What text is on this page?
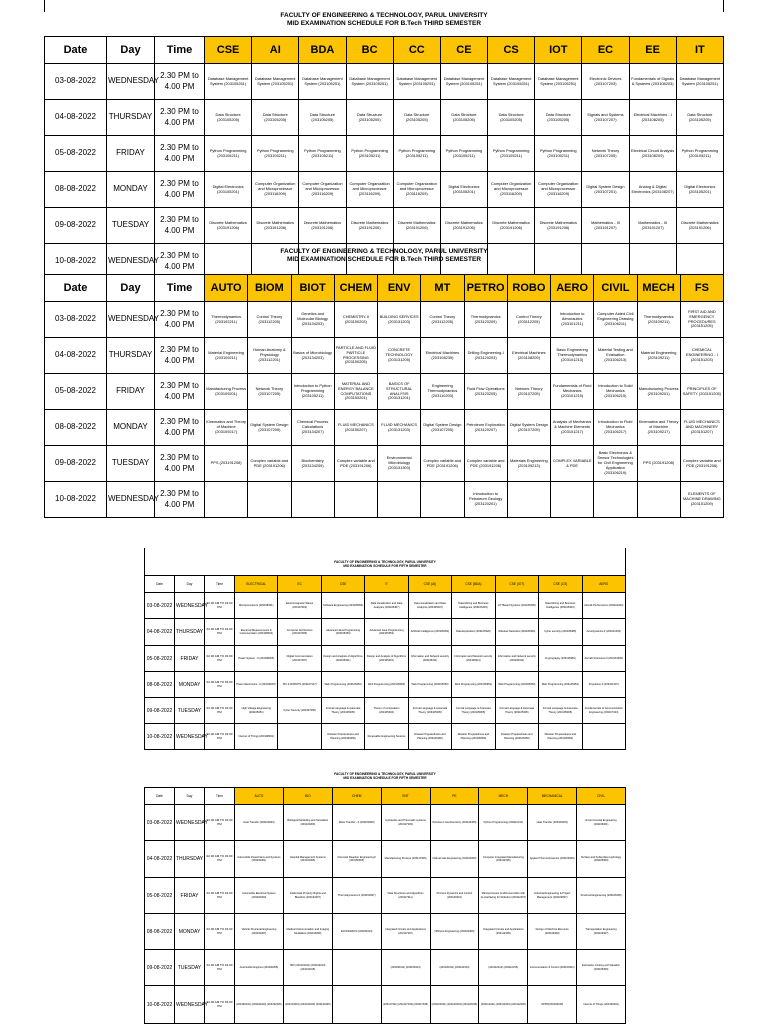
FACULTY OF ENGINEERING & TECHNOLOGY, PARUL UNIVERSITY
MID EXAMINATION SCHEDULE FOR B.Tech THIRD SEMESTER
Date	Day	Time	CSE	AI	BDA	BC	CC	CE	CS	IOT	EC	EE	IT
03-08-2022	WEDNESDAY	2.30 PM to 4.00 PM	Database Management System (203105251)	Database Management System (203105251)	Database Management System (203105251)	Database Management System (203105251)	Database Management System (203105251)	Database Management System (203105251)	Database Management System (203105251)	Database Management System (203105251)	Electronic Devices (203107203)	Fundamentals of Signals & Systems (203108203)	Database Management System (203105251)
04-08-2022	THURSDAY	2.30 PM to 4.00 PM	Data Structure (203105205)	Data Structure (203105205)	Data Structure (203105205)	Data Structure (203105205)	Data Structure (203105205)	Data Structure (203105205)	Data Structure (203105205)	Data Structure (203105205)	Signals and Systems (203107207)	Electrical Machines - I (203108205)	Data Structure (203105205)
05-08-2022	FRIDAY	2.30 PM to 4.00 PM	Python Programming (203105211)	Python Programming (203105211)	Python Programming (203105211)	Python Programming (203105211)	Python Programming (203105211)	Python Programming (203105211)	Python Programming (203105211)	Python Programming (203105211)	Network Theory (203107205)	Electrical Circuit Analysis (203108209)	Python Programming (203105211)
08-08-2022	MONDAY	2.30 PM to 4.00 PM	Digital Electronics (203105201)	Computer Organization and Microprocessor (203116209)	Computer Organization and Microprocessor (203116209)	Computer Organization and Microprocessor (203116209)	Computer Organization and Microprocessor (203116209)	Digital Electronics (203105201)	Computer Organization and Microprocessor (203116209)	Computer Organization and Microprocessor (203116209)	Digital System Design (203107201)	Analog & Digital Electronics (203108207)	Digital Electronics (203105201)
09-08-2022	TUESDAY	2.30 PM to 4.00 PM	Discrete Mathematics (203191206)	Discrete Mathematics (203191206)	Discrete Mathematics (203191206)	Discrete Mathematics (203191206)	Discrete Mathematics (203191206)	Discrete Mathematics (203191206)	Discrete Mathematics (203191206)	Discrete Mathematics (203191206)	Mathematics - III (203191207)	Mathematics - III (203191207)	Discrete Mathematics (203191206)
10-08-2022	WEDNESDAY	2.30 PM to 4.00 PM											
FACULTY OF ENGINEERING & TECHNOLOGY, PARUL UNIVERSITY
MID EXAMINATION SCHEDULE FOR B.Tech THIRD SEMESTER
Date	Day	Time	AUTO	BIOM	BIOT	CHEM	ENV	MT	PETRO	ROBO	AERO	CIVIL	MECH	FS
03-08-2022	WEDNESDAY	2.30 PM to 4.00 PM	Thermodynamics (203192211)	Control Theory (203112205)	Genetics and Molecular Biology (203134203)	CHEMISTRY-II (203150203)	BUILDING SERVICES (203131203)	Control Theory (203112205)	Thermodynamics (203120209)	Control Theory (203112205)	Introduction to Aeronautics (203101211)	Computer Aided Civil Engineering Drawing (203106211)	Thermodynamics (203109211)	FIRST AID AND EMERGENCY PROCEDURES (203151205)
04-08-2022	THURSDAY	2.30 PM to 4.00 PM	Material Engineering (203109211)	Human Anatomy & Physiology (203112201)	Basics of Microbiology (203134203)	PARTICLE AND FLUID PARTICLE PROCESSING (203150205)	CONCRETE TECHNOLOGY (203131205)	Electrical Machines (203108239)	Drilling Engineering-I (203120203)	Electrical Machines (203108209)	Basic Engineering Thermodynamics (203101213)	Material Testing and Evaluation (203106213)	Material Engineering (203109211)	CHEMICAL ENGINEERING - I (203151203)
05-08-2022	FRIDAY	2.30 PM to 4.00 PM	Manufacturing Process (203109201)	Network Theory (203107205)	Introduction to Python Programming (203105211)	MATERIAL AND ENERGY BALANCE COMPUTATIONS (203150201)	BASICS OF STRUCTURAL ANALYSIS (203131201)	Engineering Thermodynamics (203110203)	Fluid Flow Operations (203120205)	Network Theory (203107205)	Fundamentals of Fluid Mechanics (203101215)	Introduction to Solid Mechanics (203106215)	Manufacturing Process (203109201)	PRINCIPLES OF SAFETY (203151205)
08-08-2022	MONDAY	2.30 PM to 4.00 PM	Kinematics and Theory of Machine (203109217)	Digital System Design (203107205)	Chemical Process Calculations (203134207)	FLUID MECHANICS (203150207)	FLUID MECHANICS (203131203)	Digital System Design (203107205)	Petroleum Exploration (203120207)	Digital System Design (203107205)	Analysis of Mechanics & Machine Elements (203101217)	Introduction to Fluid Mechanics (203106217)	Kinematics and Theory of Machine (203109217)	FLUID MECHANICS AND MACHINERY (203151207)
09-08-2022	TUESDAY	2.30 PM to 4.00 PM	PPS (203191208)	Complex variable and PDE (203191206)	Biochemistry (203134209)	Complex variable and PDE (203191206)	Environmental Microbiology (203131303)	Complex variable and PDE (203191206)	Complex variable and PDE (203191206)	Materials Engineering (203109213)	COMPLEX VARIABLE & PDE	Basic Electronics & Sensor Technologies for Civil Engineering Application (203106219)	PPS (203191208)	Complex variable and PDE (203191206)
10-08-2022	WEDNESDAY	2.30 PM to 4.00 PM							Introduction to Petroleum Geology (203120201)					ELEMENTS OF MACHINE DRAWING (203151209)
FACULTY OF ENGINEERING & TECHNOLOGY, PARUL UNIVERSITY
MID EXAMINATION SCHEDULE FOR FIFTH SEMESTER
Date	Day	Time	ELECTRICAL	EC	CSE	IT	CSE (AI)	CSE (BDA)	CSE (IOT)	CSE (CS)	AERO
03-08-2022	WEDNESDAY	02.30 AM TO 03.00 PM	Microprocessors (203108301)	Electromagnetic Waves (203107301)	Software Engineering (203105304)	Data visualization and Data Analytics (203105407)	Data visualization and Data Analytics (203105407)	Data Mining and Business Intelligence (203105403)	IoT Based Systems (203105406)	Data Mining and Business Intelligence (203105403)	Aircraft Performance (203101304)
04-08-2022	THURSDAY	02.30 AM TO 03.00 PM	Electrical Measurements & Instrumentation (203108303)	Computer Architecture (203107305)	Advanced Java Programming (203105353)	Advanced Java Programming (203105353)	Artificial Intelligence (203105302)	Data Exploration (203105320)	Wireless Networks (203105384)	Cyber security (203105385)	Aerodynamics-II (203101303)
05-08-2022	FRIDAY	02.30 AM TO 03.00 PM	Power System - II (203108305)	Digital Communication (203107307)	Design and Analysis of Algorithms (203105301)	Design and Analysis of Algorithms (203105301)	Information and Network security (203105311)	Information and Network security (203105311)	Information and Network security (203105311)	Cryptography (203105381)	Aircraft Structures-II (203101305)
08-08-2022	MONDAY	02.30 AM TO 03.00 PM	Power Electronics - II (203108307)	PIC & ROBOTS (203107317)	Web Programming (203105353)	Web Programming (203105353)	Web Programming (203105353)	Web Programming (203105353)	Web Programming (203105353)	Web Programming (203105353)	Propulsion-II (203101307)
09-08-2022	TUESDAY	02.30 AM TO 03.00 PM	High Voltage Engineering (203108351)	Cyber Security (203107356)	Formal Language & Automata Theory (203105305)	Theory of computation (203105302)	Formal Language & Automata Theory (203105305)	Formal Language & Automata Theory (203105305)	Formal Language & Automata Theory (203105305)	Formal Language & Automata Theory (203105305)	Fundamentals of Communication Engineering (203107344)
10-08-2022	WEDNESDAY	02.30 AM TO 03.00 PM	Internet of Things (203108391)		Disaster Preparedness and Planning (203106360)	Renewable Engineering Sources	Disaster Preparedness and Planning (203106360)	Disaster Preparedness and Planning (203106360)	Disaster Preparedness and Planning (203106360)	Disaster Preparedness and Planning (203106360)	
FACULTY OF ENGINEERING & TECHNOLOGY, PARUL UNIVERSITY
MID EXAMINATION SCHEDULE FOR FIFTH SEMESTER
Date	Day	Time	AUTO	BIO	CHEM	ENT	PE	MECH	MECHANICAL	CIVIL
03-08-2022	WEDNESDAY	02.30 AM TO 03.00 PM	Heat Transfer (203109303)	Biological Modelling and Simulation (203134303)	Mass Transfer - II (203150303)	Hydraulics and Pneumatic systems (203117303)	Petroleum Geochemistry (203120305)	Python Programming (203112311)	Heat Transfer (203109303)	Environmental Engineering (203106301)
04-08-2022	THURSDAY	02.30 AM TO 03.00 PM	Automobile Powertrains and Systems (203192301)	Hospital Management Systems (203134305)	Chemical Reaction Engineering-II (203150305)	Manufacturing Process (203117305)	Natural Gas Engineering (203120303)	Computer Integrated Manufacturing (203112305)	Applied Thermodynamics (203109305)	Surface and Subsurface Hydrology (203106303)
05-08-2022	FRIDAY	02.30 AM TO 03.00 PM	Automobile Electrical System (203192303)	Intellectual Property Rights and Bioethics (203134307)	Thermodynamics-II (203150307)	Data Structures and Algorithms (203117311)	Process Dynamics and Control (203120301)	Microprocessor & Microcontroller with its Interfacing for Robotics (203112307)	Industrial Engineering & Project Management (203109307)	Structural Engineering (203106305)
08-08-2022	MONDAY	02.30 AM TO 03.00 PM	Vehicle Structural Engineering (203192307)	Medical Instrumentation and Imaging Modalities (203134309)	ECONOMICS (203150313)	Integrated Circuits and Applications (203117307)	Offshore Engineering (203120309)	Integrated Circuits and Applications (203112309)	Design of Machine Elements (203109309)	Transportation Engineering (203106307)
09-08-2022	TUESDAY	02.30 AM TO 03.00 PM	Automobile Engines (203192305)	BIO (203134311) (203134313) (203134315)		(203150311) (203150313)	(203120311) (203120313)	(203112313) (203112315)	Instrumentation & Control (203109311)	Estimation Costing and Valuation (203106309)
10-08-2022	WEDNESDAY	02.30 AM TO 03.00 PM	(203192341) (203192343) (203192345)	(203134341) (203134343) (203134345)		(203117341) (203117343) (203117345)	(203120341) (203120343) (203120345)	(203112341) (203112343) (203112345)	OPPD(203109340)	Internet of Things (203106391)
